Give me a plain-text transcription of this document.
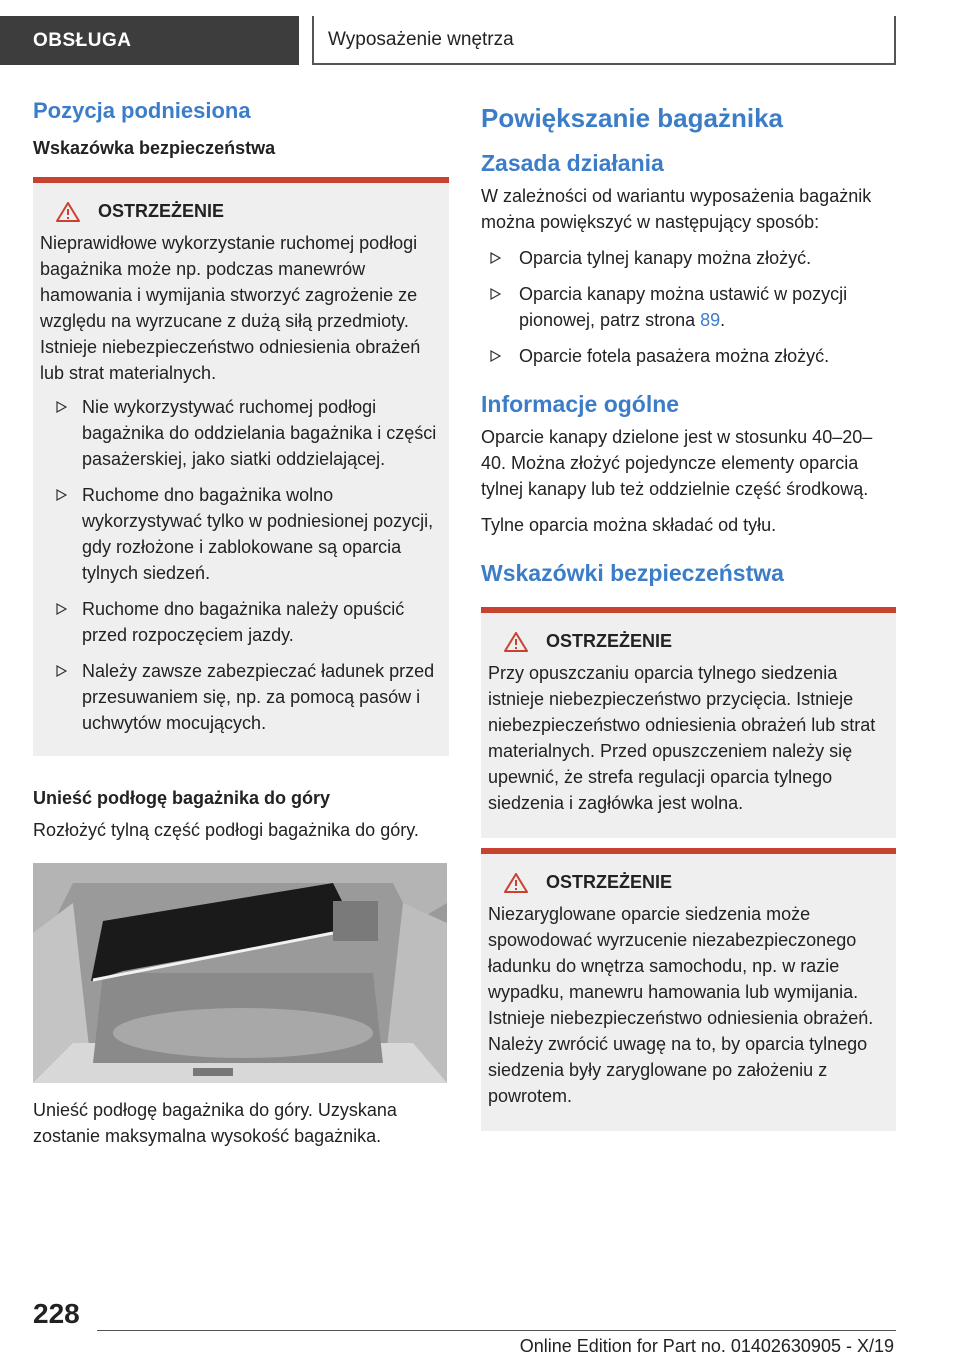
OBSŁUGA	Wyposażenie wnętrza
Pozycja podniesiona
Wskazówka bezpieczeństwa
OSTRZEŻENIE

Nieprawidłowe wykorzystanie ruchomej podłogi bagażnika może np. podczas manewrów hamowania i wymijania stworzyć zagrożenie ze względu na wyrzucane z dużą siłą przedmioty. Istnieje niebezpieczeństwo odniesienia obrażeń lub strat materialnych.

Nie wykorzystywać ruchomej podłogi bagażnika do oddzielania bagażnika i części pasażerskiej, jako siatki oddzielającej.
Ruchome dno bagażnika wolno wykorzystywać tylko w podniesionej pozycji, gdy rozłożone i zablokowane są oparcia tylnych siedzeń.
Ruchome dno bagażnika należy opuścić przed rozpoczęciem jazdy.
Należy zawsze zabezpieczać ładunek przed przesuwaniem się, np. za pomocą pasów i uchwytów mocujących.
Unieść podłogę bagażnika do góry

Rozłożyć tylną część podłogi bagażnika do góry.

Unieść podłogę bagażnika do góry. Uzyskana zostanie maksymalna wysokość bagażnika.

Powiększanie bagażnika
Zasada działania

W zależności od wariantu wyposażenia bagażnik można powiększyć w następujący sposób:

Oparcia tylnej kanapy można złożyć.
Oparcia kanapy można ustawić w pozycji pionowej, patrz strona 89.
Oparcie fotela pasażera można złożyć.
Informacje ogólne

Oparcie kanapy dzielone jest w stosunku 40–20–40. Można złożyć pojedyncze elementy oparcia tylnej kanapy lub też oddzielnie część środkową.

Tylne oparcia można składać od tyłu.

Wskazówki bezpieczeństwa
OSTRZEŻENIE

Przy opuszczaniu oparcia tylnego siedzenia istnieje niebezpieczeństwo przycięcia. Istnieje niebezpieczeństwo odniesienia obrażeń lub strat materialnych. Przed opuszczeniem należy się upewnić, że strefa regulacji oparcia tylnego siedzenia i zagłówka jest wolna.

OSTRZEŻENIE

Niezaryglowane oparcie siedzenia może spowodować wyrzucenie niezabezpieczonego ładunku do wnętrza samochodu, np. w razie wypadku, manewru hamowania lub wymijania. Istnieje niebezpieczeństwo odniesienia obrażeń. Należy zwrócić uwagę na to, by oparcia tylnego siedzenia były zaryglowane po założeniu z powrotem.

228
Online Edition for Part no. 01402630905 - X/19
